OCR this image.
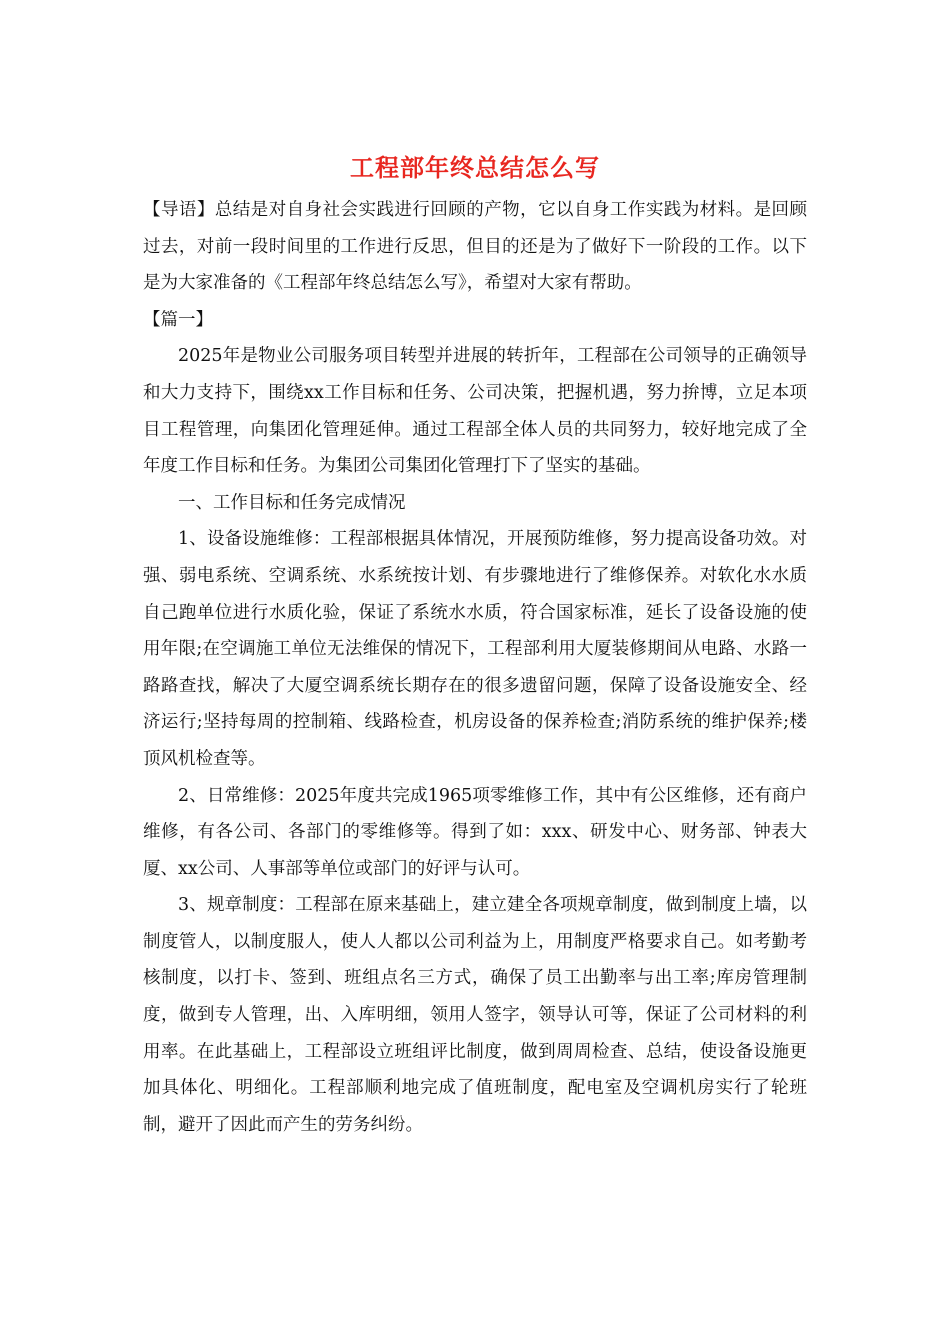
工程部年终总结怎么写

【导语】总结是对自身社会实践进行回顾的产物，它以自身工作实践为材料。是回顾过去，对前一段时间里的工作进行反思，但目的还是为了做好下一阶段的工作。以下是为大家准备的《工程部年终总结怎么写》，希望对大家有帮助。

【篇一】

2025年是物业公司服务项目转型并进展的转折年，工程部在公司领导的正确领导和大力支持下，围绕xx工作目标和任务、公司决策，把握机遇，努力拚博，立足本项目工程管理，向集团化管理延伸。通过工程部全体人员的共同努力，较好地完成了全年度工作目标和任务。为集团公司集团化管理打下了坚实的基础。

一、工作目标和任务完成情况

1、设备设施维修：工程部根据具体情况，开展预防维修，努力提高设备功效。对强、弱电系统、空调系统、水系统按计划、有步骤地进行了维修保养。对软化水水质自己跑单位进行水质化验，保证了系统水水质，符合国家标准，延长了设备设施的使用年限;在空调施工单位无法维保的情况下，工程部利用大厦装修期间从电路、水路一路路查找，解决了大厦空调系统长期存在的很多遗留问题，保障了设备设施安全、经济运行;坚持每周的控制箱、线路检查，机房设备的保养检查;消防系统的维护保养;楼顶风机检查等。

2、日常维修：2025年度共完成1965项零维修工作，其中有公区维修，还有商户维修，有各公司、各部门的零维修等。得到了如：xxx、研发中心、财务部、钟表大厦、xx公司、人事部等单位或部门的好评与认可。

3、规章制度：工程部在原来基础上，建立建全各项规章制度，做到制度上墙，以制度管人，以制度服人，使人人都以公司利益为上，用制度严格要求自己。如考勤考核制度，以打卡、签到、班组点名三方式，确保了员工出勤率与出工率;库房管理制度，做到专人管理，出、入库明细，领用人签字，领导认可等，保证了公司材料的利用率。在此基础上，工程部设立班组评比制度，做到周周检查、总结，使设备设施更加具体化、明细化。工程部顺利地完成了值班制度，配电室及空调机房实行了轮班制，避开了因此而产生的劳务纠纷。
